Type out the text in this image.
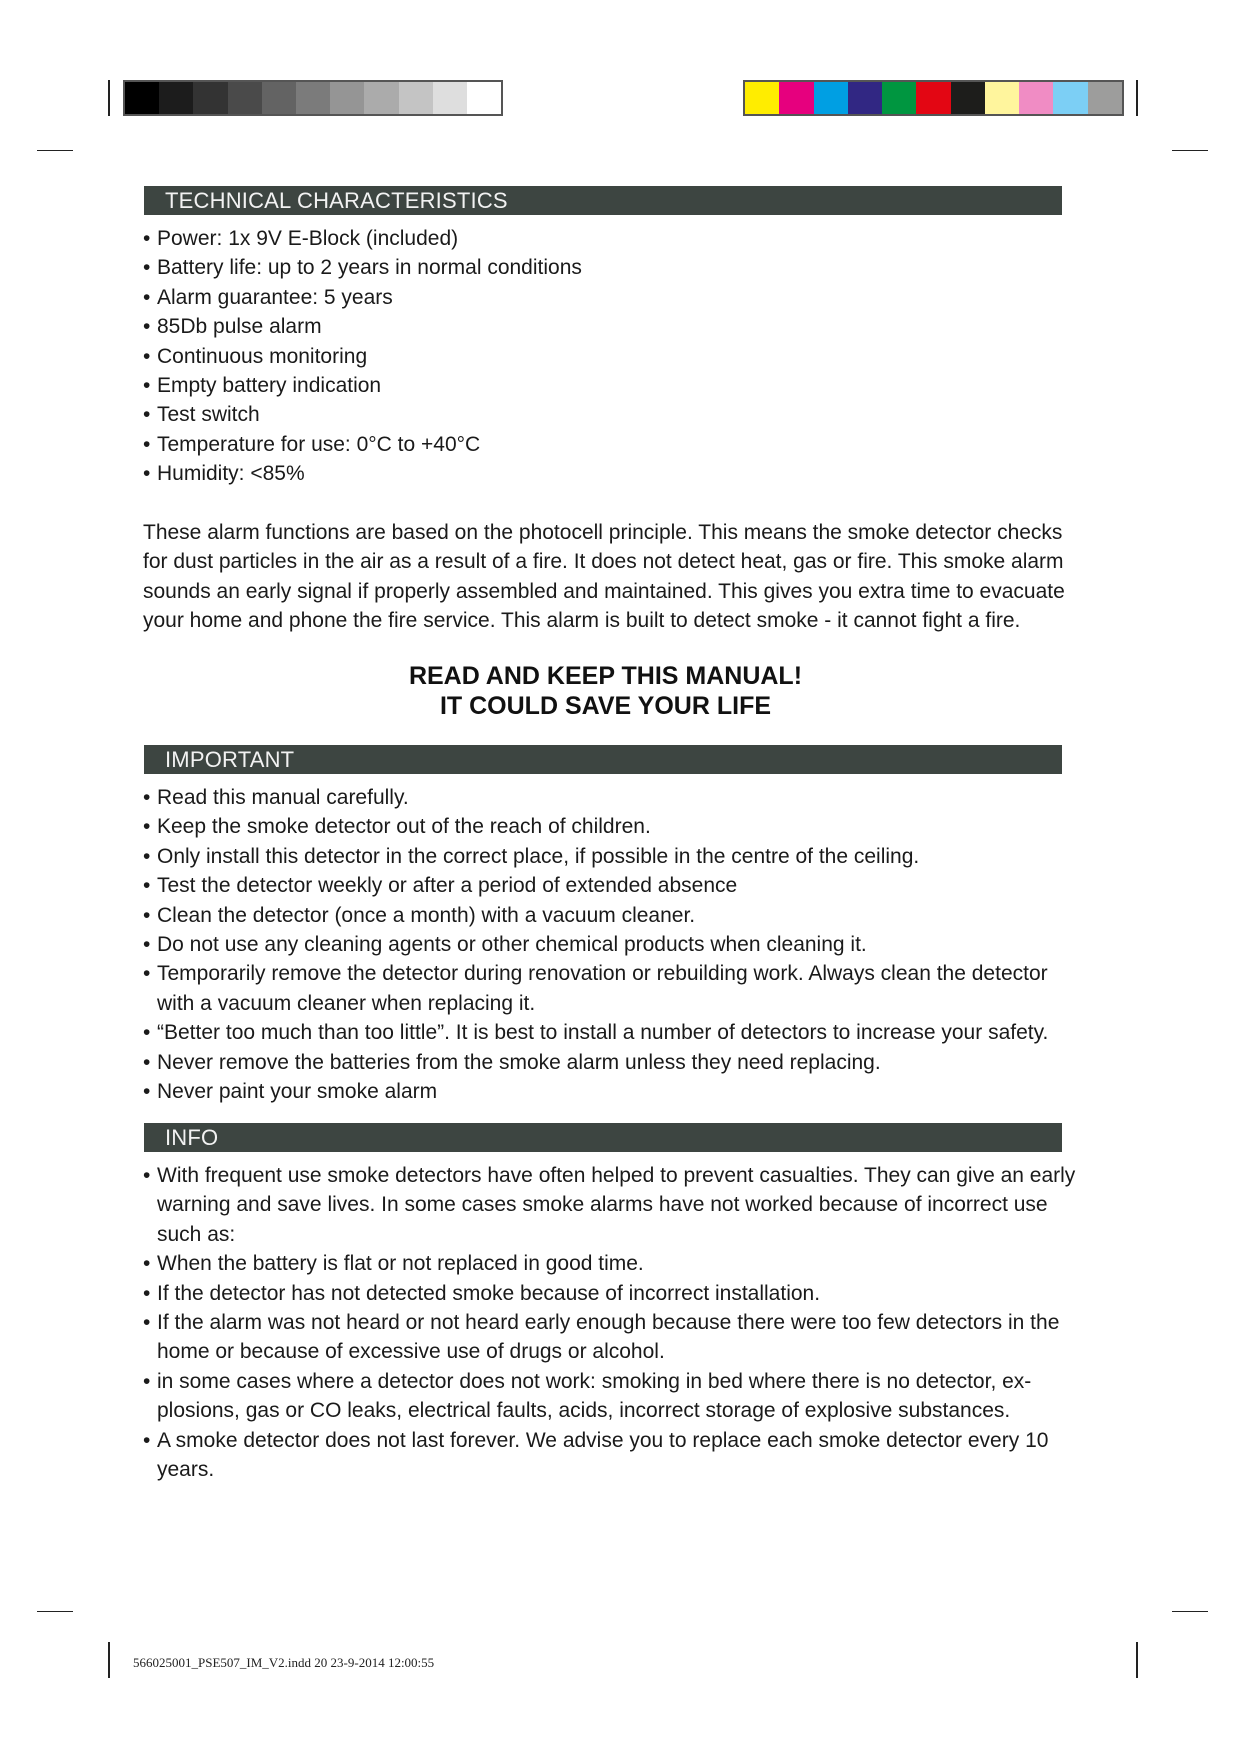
TECHNICAL CHARACTERISTICS
• Power: 1x 9V E-Block (included)
• Battery life: up to 2 years in normal conditions
• Alarm guarantee: 5 years
• 85Db pulse alarm
• Continuous monitoring
• Empty battery indication
• Test switch
• Temperature for use: 0°C to +40°C
• Humidity: <85%

These alarm functions are based on the photocell principle. This means the smoke detector checks for dust particles in the air as a result of a fire. It does not detect heat, gas or fire. This smoke alarm sounds an early signal if properly assembled and maintained. This gives you extra time to evacuate your home and phone the fire service. This alarm is built to detect smoke - it cannot fight a fire.

READ AND KEEP THIS MANUAL!
IT COULD SAVE YOUR LIFE
IMPORTANT
• Read this manual carefully.
• Keep the smoke detector out of the reach of children.
• Only install this detector in the correct place, if possible in the centre of the ceiling.
• Test the detector weekly or after a period of extended absence
• Clean the detector (once a month) with a vacuum cleaner.
• Do not use any cleaning agents or other chemical products when cleaning it.
• Temporarily remove the detector during renovation or rebuilding work. Always clean the detector with a vacuum cleaner when replacing it.
• “Better too much than too little”. It is best to install a number of detectors to increase your safety.
• Never remove the batteries from the smoke alarm unless they need replacing.
• Never paint your smoke alarm
INFO
• With frequent use smoke detectors have often helped to prevent casualties. They can give an early warning and save lives. In some cases smoke alarms have not worked because of incorrect use such as:
• When the battery is flat or not replaced in good time.
• If the detector has not detected smoke because of incorrect installation.
• If the alarm was not heard or not heard early enough because there were too few detectors in the home or because of excessive use of drugs or alcohol.
• in some cases where a detector does not work: smoking in bed where there is no detector, ex-plosions, gas or CO leaks, electrical faults, acids, incorrect storage of explosive substances.
• A smoke detector does not last forever. We advise you to replace each smoke detector every 10 years.
566025001_PSE507_IM_V2.indd 20 23-9-2014 12:00:55
